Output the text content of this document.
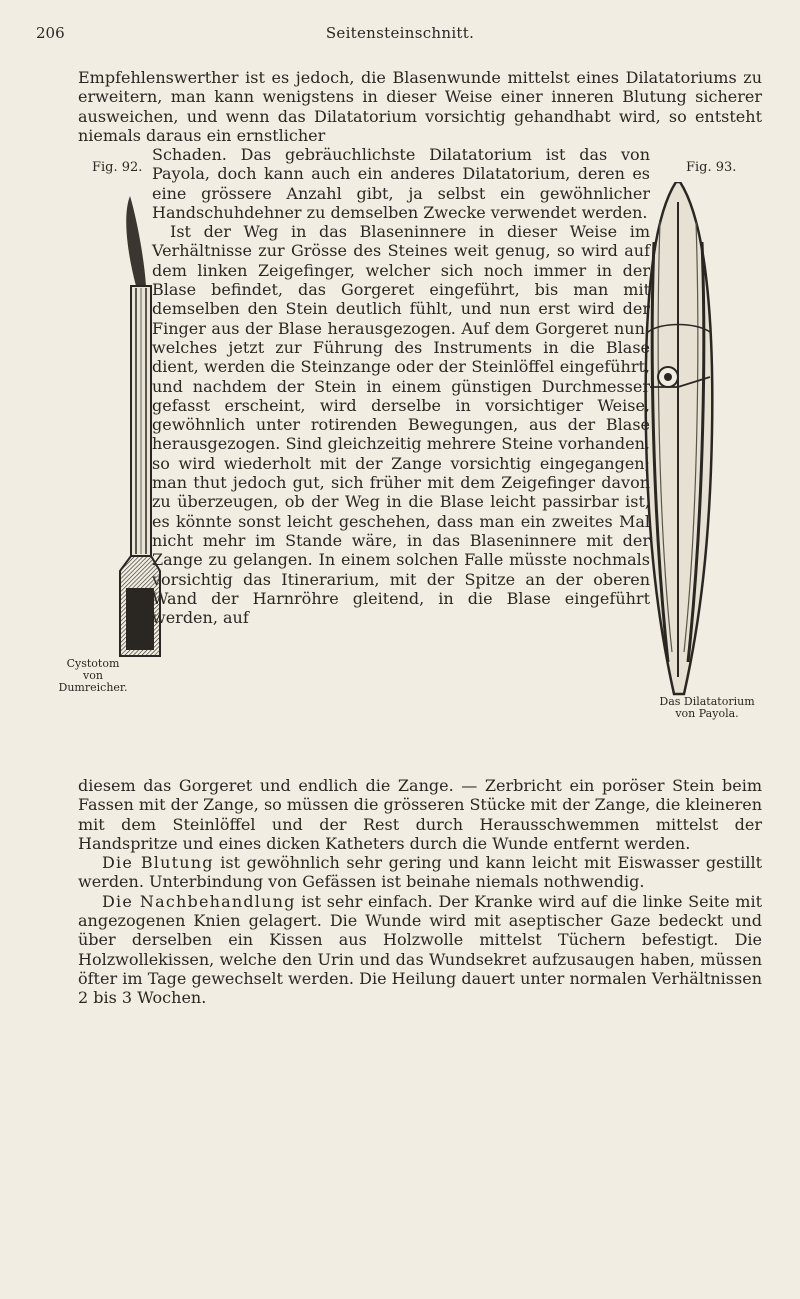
206	Seitensteinschnitt.
Empfehlenswerther ist es jedoch, die Blasenwunde mittelst eines Dilatatoriums zu erweitern, man kann wenigstens in dieser Weise einer inneren Blutung sicherer ausweichen, und wenn das Dilatatorium vorsichtig gehandhabt wird, so entsteht niemals daraus ein ernstlicher
Fig. 92.	Fig. 93.

Schaden. Das gebräuchlichste Dilatatorium ist das von Payola, doch kann auch ein anderes Dilatatorium, deren es eine grössere Anzahl gibt, ja selbst ein gewöhnlicher Handschuhdehner zu demselben Zwecke verwendet werden.

Ist der Weg in das Blaseninnere in dieser Weise im Verhältnisse zur Grösse des Steines weit genug, so wird auf dem linken Zeigefinger, welcher sich noch immer in der Blase befindet, das Gorgeret eingeführt, bis man mit demselben den Stein deutlich fühlt, und nun erst wird der Finger aus der Blase herausgezogen. Auf dem Gorgeret nun, welches jetzt zur Führung des Instruments in die Blase dient, werden die Steinzange oder der Steinlöffel eingeführt, und nachdem der Stein in einem günstigen Durchmesser gefasst erscheint, wird derselbe in vorsichtiger Weise, gewöhnlich unter rotirenden Bewegungen, aus der Blase herausgezogen. Sind gleichzeitig mehrere Steine vorhanden, so wird wiederholt mit der Zange vorsichtig eingegangen; man thut jedoch gut, sich früher mit dem Zeigefinger davon zu überzeugen, ob der Weg in die Blase leicht passirbar ist, es könnte sonst leicht geschehen, dass man ein zweites Mal nicht mehr im Stande wäre, in das Blaseninnere mit der Zange zu gelangen. In einem solchen Falle müsste nochmals vorsichtig das Itinerarium, mit der Spitze an der oberen Wand der Harnröhre gleitend, in die Blase eingeführt werden, auf

Cystotom von Dumreicher.
Das Dilatatorium von Payola.

diesem das Gorgeret und endlich die Zange. — Zerbricht ein poröser Stein beim Fassen mit der Zange, so müssen die grösseren Stücke mit der Zange, die kleineren mit dem Steinlöffel und der Rest durch Herausschwemmen mittelst der Handspritze und eines dicken Katheters durch die Wunde entfernt werden.

Die Blutung ist gewöhnlich sehr gering und kann leicht mit Eiswasser gestillt werden. Unterbindung von Gefässen ist beinahe niemals nothwendig.

Die Nachbehandlung ist sehr einfach. Der Kranke wird auf die linke Seite mit angezogenen Knien gelagert. Die Wunde wird mit aseptischer Gaze bedeckt und über derselben ein Kissen aus Holzwolle mittelst Tüchern befestigt. Die Holzwollekissen, welche den Urin und das Wundsekret aufzusaugen haben, müssen öfter im Tage gewechselt werden. Die Heilung dauert unter normalen Verhältnissen 2 bis 3 Wochen.
